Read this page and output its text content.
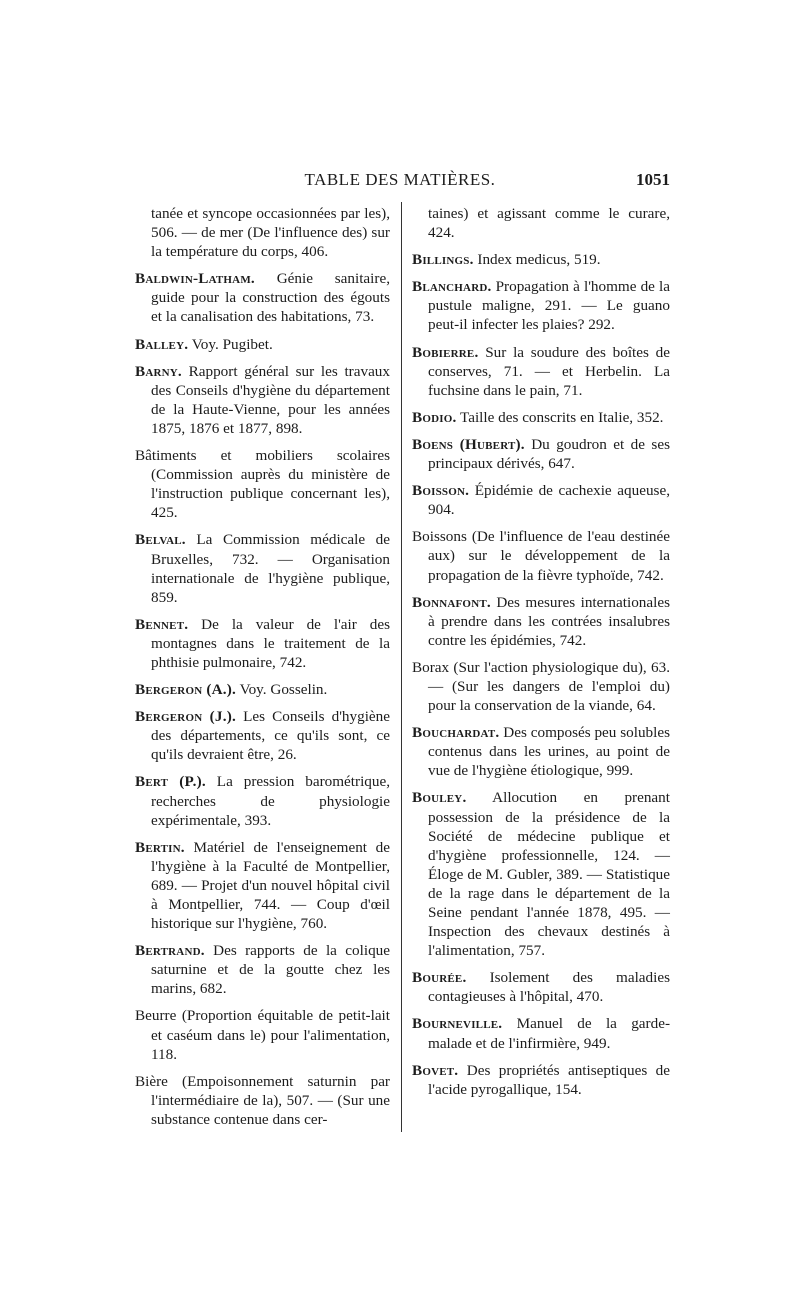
TABLE DES MATIÈRES.	1051

tanée et syncope occasionnées par les), 506. — de mer (De l'influence des) sur la température du corps, 406.

Baldwin-Latham. Génie sanitaire, guide pour la construction des égouts et la canalisation des habitations, 73.

Balley. Voy. Pugibet.

Barny. Rapport général sur les travaux des Conseils d'hygiène du département de la Haute-Vienne, pour les années 1875, 1876 et 1877, 898.

Bâtiments et mobiliers scolaires (Commission auprès du ministère de l'instruction publique concernant les), 425.

Belval. La Commission médicale de Bruxelles, 732. — Organisation internationale de l'hygiène publique, 859.

Bennet. De la valeur de l'air des montagnes dans le traitement de la phthisie pulmonaire, 742.

Bergeron (A.). Voy. Gosselin.

Bergeron (J.). Les Conseils d'hygiène des départements, ce qu'ils sont, ce qu'ils devraient être, 26.

Bert (P.). La pression barométrique, recherches de physiologie expérimentale, 393.

Bertin. Matériel de l'enseignement de l'hygiène à la Faculté de Montpellier, 689. — Projet d'un nouvel hôpital civil à Montpellier, 744. — Coup d'œil historique sur l'hygiène, 760.

Bertrand. Des rapports de la colique saturnine et de la goutte chez les marins, 682.

Beurre (Proportion équitable de petit-lait et caséum dans le) pour l'alimentation, 118.

Bière (Empoisonnement saturnin par l'intermédiaire de la), 507. — (Sur une substance contenue dans cer-

taines) et agissant comme le curare, 424.

Billings. Index medicus, 519.

Blanchard. Propagation à l'homme de la pustule maligne, 291. — Le guano peut-il infecter les plaies? 292.

Bobierre. Sur la soudure des boîtes de conserves, 71. — et Herbelin. La fuchsine dans le pain, 71.

Bodio. Taille des conscrits en Italie, 352.

Boens (Hubert). Du goudron et de ses principaux dérivés, 647.

Boisson. Épidémie de cachexie aqueuse, 904.

Boissons (De l'influence de l'eau destinée aux) sur le développement de la propagation de la fièvre typhoïde, 742.

Bonnafont. Des mesures internationales à prendre dans les contrées insalubres contre les épidémies, 742.

Borax (Sur l'action physiologique du), 63. — (Sur les dangers de l'emploi du) pour la conservation de la viande, 64.

Bouchardat. Des composés peu solubles contenus dans les urines, au point de vue de l'hygiène étiologique, 999.

Bouley. Allocution en prenant possession de la présidence de la Société de médecine publique et d'hygiène professionnelle, 124. — Éloge de M. Gubler, 389. — Statistique de la rage dans le département de la Seine pendant l'année 1878, 495. — Inspection des chevaux destinés à l'alimentation, 757.

Bourée. Isolement des maladies contagieuses à l'hôpital, 470.

Bourneville. Manuel de la garde-malade et de l'infirmière, 949.

Bovet. Des propriétés antiseptiques de l'acide pyrogallique, 154.
